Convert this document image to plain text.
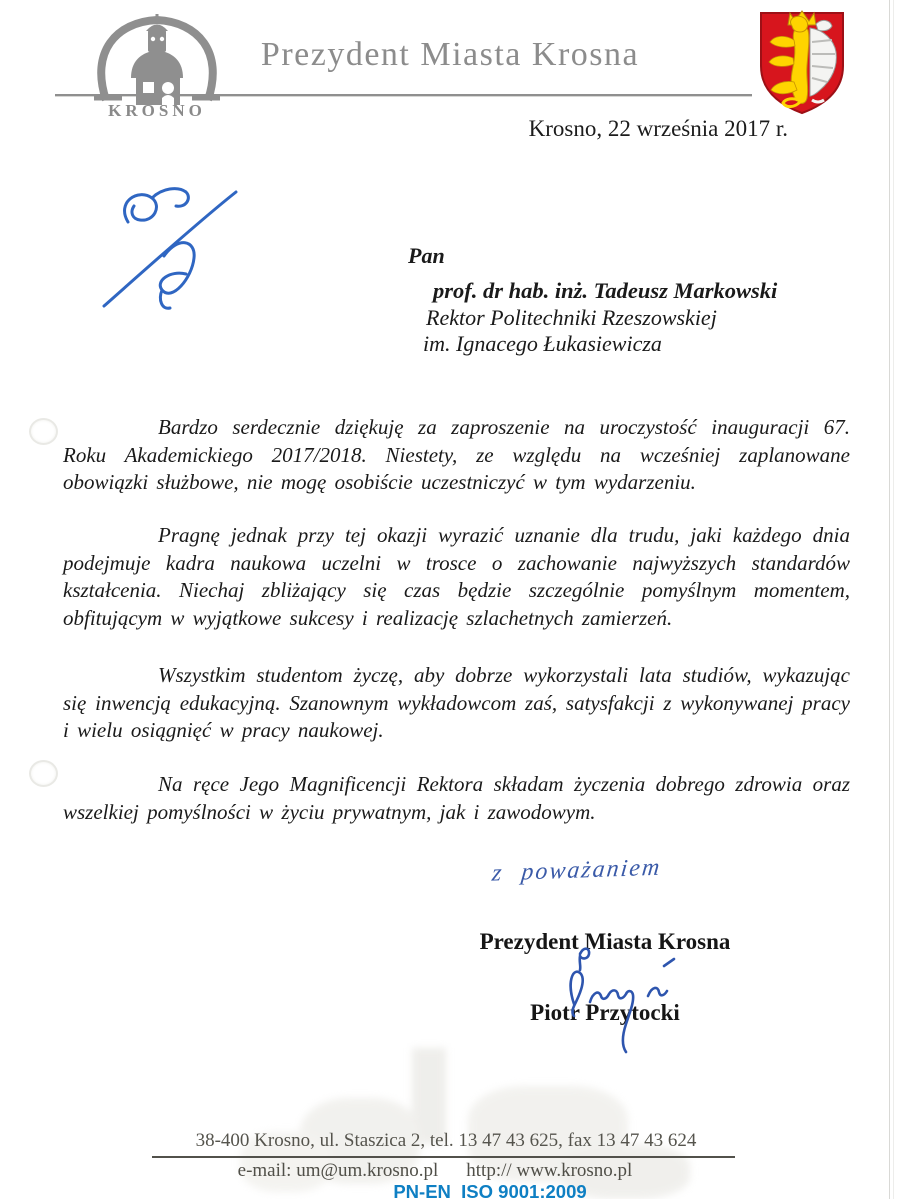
KROSNO
Prezydent Miasta Krosna
Krosno, 22 września 2017 r.
Pan
prof. dr hab. inż. Tadeusz Markowski
Rektor Politechniki Rzeszowskiej
im. Ignacego Łukasiewicza

Bardzo serdecznie dziękuję za zaproszenie na uroczystość inauguracji 67. Roku Akademickiego 2017/2018. Niestety, ze względu na wcześniej zaplanowane obowiązki służbowe, nie mogę osobiście uczestniczyć w tym wydarzeniu.

Pragnę jednak przy tej okazji wyrazić uznanie dla trudu, jaki każdego dnia podejmuje kadra naukowa uczelni w trosce o zachowanie najwyższych standardów kształcenia. Niechaj zbliżający się czas będzie szczególnie pomyślnym momentem, obfitującym w wyjątkowe sukcesy i realizację szlachetnych zamierzeń.

Wszystkim studentom życzę, aby dobrze wykorzystali lata studiów, wykazując się inwencją edukacyjną. Szanownym wykładowcom zaś, satysfakcji z wykonywanej pracy i wielu osiągnięć w pracy naukowej.

Na ręce Jego Magnificencji Rektora składam życzenia dobrego zdrowia oraz wszelkiej pomyślności w życiu prywatnym, jak i zawodowym.

z poważaniem
Prezydent Miasta Krosna
Piotr Przytocki
38-400 Krosno, ul. Staszica 2, tel. 13 47 43 625, fax 13 47 43 624
e-mail: um@um.krosno.pl http:// www.krosno.pl
PN-EN  ISO 9001:2009
